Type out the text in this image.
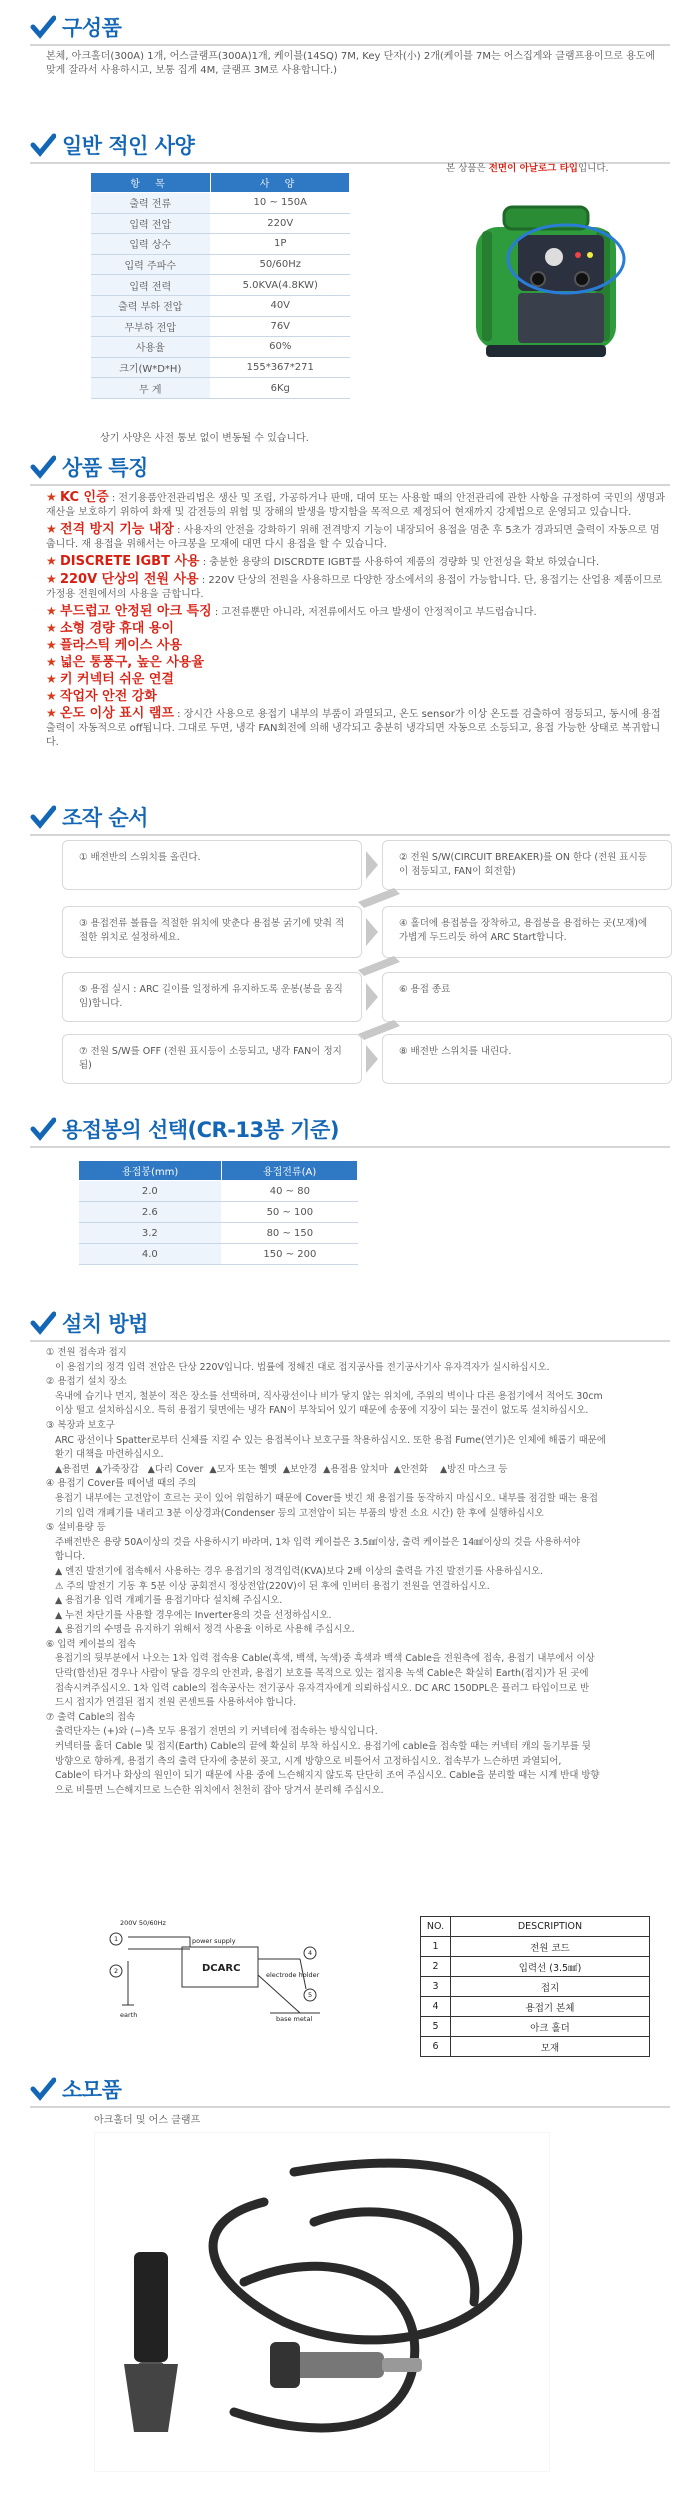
구성품
본체, 아크홀더(300A) 1개, 어스클램프(300A)1개, 케이블(14SQ) 7M, Key 단자(小) 2개(케이블 7M는 어스집게와 클램프용이므로 용도에 맞게 잘라서 사용하시고, 보통 집게 4M, 클램프 3M로 사용합니다.)
일반 적인 사양
항 목	사 양
출력 전류	10 ~ 150A
입력 전압	220V
입력 상수	1P
입력 주파수	50/60Hz
입력 전력	5.0KVA(4.8KW)
출력 부하 전압	40V
무부하 전압	76V
사용율	60%
크기(W*D*H)	155*367*271
무 게	6Kg
상기 사양은 사전 통보 없이 변동될 수 있습니다.
본 상품은 전면이 아날로그 타입입니다.
상품 특징
★ KC 인증 : 전기용품안전관리법은 생산 및 조립, 가공하거나 판매, 대여 또는 사용할 때의 안전관리에 관한 사항을 규정하여 국민의 생명과 재산을 보호하기 위하여 화재 및 감전등의 위험 및 장해의 발생을 방지함을 목적으로 제정되어 현재까지 강제법으로 운영되고 있습니다.
★ 전격 방지 기능 내장 : 사용자의 안전을 강화하기 위해 전격방지 기능이 내장되어 용접을 멈춘 후 5초가 경과되면 출력이 자동으로 멈춥니다. 재 용접을 위해서는 아크봉을 모재에 대면 다시 용접을 할 수 있습니다.
★ DISCRETE IGBT 사용 : 충분한 용량의 DISCRDTE IGBT를 사용하여 제품의 경량화 및 안전성을 확보 하였습니다.
★ 220V 단상의 전원 사용 : 220V 단상의 전원을 사용하므로 다양한 장소에서의 용접이 가능합니다. 단, 용접기는 산업용 제품이므로 가정용 전원에서의 사용을 금합니다.
★ 부드럽고 안정된 아크 특징 : 고전류뿐만 아니라, 저전류에서도 아크 발생이 안정적이고 부드럽습니다.
★ 소형 경량 휴대 용이
★ 플라스틱 케이스 사용
★ 넓은 통풍구, 높은 사용율
★ 키 커넥터 쉬운 연결
★ 작업자 안전 강화
★ 온도 이상 표시 램프 : 장시간 사용으로 용접기 내부의 부품이 과열되고, 온도 sensor가 이상 온도를 검출하여 점등되고, 동시에 용접출력이 자동적으로 off됩니다. 그대로 두면, 냉각 FAN회전에 의해 냉각되고 충분히 냉각되면 자동으로 소등되고, 용접 가능한 상태로 복귀합니다.
조작 순서
① 배전반의 스위치를 올린다.	② 전원 S/W(CIRCUIT BREAKER)를 ON 한다 (전원 표시등이 점등되고, FAN이 회전함)
③ 용접전류 볼륨을 적절한 위치에 맞춘다 용접봉 굵기에 맞춰 적절한 위치로 설정하세요.
④ 홀더에 용접봉을 장착하고, 용접봉을 용접하는 곳(모재)에 가볍게 두드리듯 하여 ARC Start합니다.
⑤ 용접 실시 : ARC 길이를 일정하게 유지하도록 운봉(봉을 움직임)합니다.
⑥ 용접 종료
⑦ 전원 S/W를 OFF (전원 표시등이 소등되고, 냉각 FAN이 정지됨)
⑧ 배전반 스위치를 내린다.
용접봉의 선택(CR-13봉 기준)
용접봉(mm)	용접전류(A)
2.0	40 ~ 80
2.6	50 ~ 100
3.2	80 ~ 150
4.0	150 ~ 200
설치 방법
① 전원 접속과 접지
이 용접기의 정격 입력 전압은 단상 220V입니다. 법률에 정해진 대로 접지공사를 전기공사기사 유자격자가 실시하십시오.
② 용접기 설치 장소
옥내에 습기나 먼지, 철분이 적은 장소를 선택하며, 직사광선이나 비가 닿지 않는 위치에, 주위의 벽이나 다른 용접기에서 적어도 30cm
이상 떨고 설치하십시오. 특히 용접기 뒷면에는 냉각 FAN이 부착되어 있기 때문에 송풍에 지장이 되는 물건이 없도록 설치하십시오.
③ 복장과 보호구
ARC 광선이나 Spatter로부터 신체를 지킬 수 있는 용접복이나 보호구를 착용하십시오. 또한 용접 Fume(연기)은 인체에 해롭기 때문에
환기 대책을 마련하십시오.
▲용접면  ▲가죽장갑   ▲다리 Cover  ▲모자 또는 헬멧  ▲보안경  ▲용접용 앞치마  ▲안전화    ▲방진 마스크 등
④ 용접기 Cover를 떼어낼 때의 주의
용접기 내부에는 고전압이 흐르는 곳이 있어 위험하기 때문에 Cover를 벗긴 채 용접기를 동작하지 마십시오. 내부를 점검할 때는 용접
기의 입력 개폐기를 내리고 3분 이상경과(Condenser 등의 고전압이 되는 부품의 방전 소요 시간) 한 후에 실행하십시오
⑤ 설비용량 등
주배전반은 용량 50A이상의 것을 사용하시기 바라며, 1차 입력 케이블은 3.5㎟이상, 출력 케이블은 14㎟이상의 것을 사용하셔야
합니다.
▲ 엔진 발전기에 접속해서 사용하는 경우 용접기의 정격입력(KVA)보다 2배 이상의 출력을 가진 발전기를 사용하십시오.
⚠ 주의 발전기 기동 후 5분 이상 공회전시 정상전압(220V)이 된 후에 인버터 용접기 전원을 연결하십시오.
▲ 용접기용 입력 개폐기를 용접기마다 설치해 주십시오.
▲ 누전 차단기를 사용할 경우에는 Inverter용의 것을 선정하십시오.
▲ 용접기의 수명을 유지하기 위해서 정격 사용율 이하로 사용해 주십시오.
⑥ 입력 케이블의 접속
용접기의 뒷부분에서 나오는 1차 입력 접속용 Cable(흑색, 백색, 녹색)중 흑색과 백색 Cable을 전원측에 접속, 용접기 내부에서 이상
단락(합선)된 경우나 사람이 닿을 경우의 안전과, 용접기 보호를 목적으로 있는 접지용 녹색 Cable은 확실히 Earth(접지)가 된 곳에
접속시켜주십시오. 1차 입력 cable의 접속공사는 전기공사 유자격자에게 의뢰하십시오. DC ARC 150DPL은 플러그 타입이므로 반
드시 접지가 연결된 접지 전원 콘센트를 사용하셔야 합니다.
⑦ 출력 Cable의 접속
출력단자는 (+)와 (−)측 모두 용접기 전면의 키 커넥터에 접속하는 방식입니다.
커넥터를 홀더 Cable 및 접지(Earth) Cable의 끝에 확실히 부착 하십시오. 용접기에 cable을 접속할 때는 커넥터 캐의 돌기부를 뒷
방향으로 향하게, 용접기 측의 출력 단자에 충분히 꽂고, 시계 방향으로 비틀어서 고정하십시오. 접속부가 느슨하면 과열되어,
Cable이 타거나 화상의 원인이 되기 때문에 사용 중에 느슨해지지 않도록 단단히 조여 주십시오. Cable을 분리할 때는 시계 반대 방향
으로 비틀면 느슨해지므로 느슨한 위치에서 천천히 잡아 당겨서 분리해 주십시오.
1
2
4
5
200V 50/60Hz
power supply
DCARC
electrode holder
base metal
earth
NO.	DESCRIPTION
1	전원 코드
2	입력선 (3.5㎟)
3	접지
4	용접기 본체
5	아크 홀더
6	모재
소모품
아크홀더 및 어스 클램프
